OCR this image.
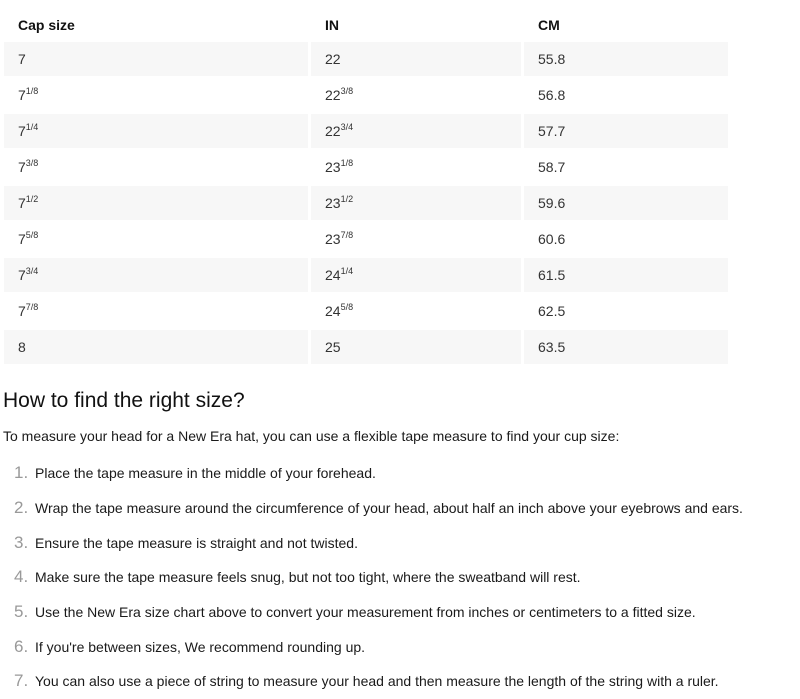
Cap size	IN	CM
7	22	55.8
$7^{1/8}$	$22^{3/8}$	56.8
$7^{1/4}$	$22^{3/4}$	57.7
$7^{3/8}$	$23^{1/8}$	58.7
$7^{1/2}$	$23^{1/2}$	59.6
$7^{5/8}$	$23^{7/8}$	60.6
$7^{3/4}$	$24^{1/4}$	61.5
$7^{7/8}$	$24^{5/8}$	62.5
8	25	63.5
How to find the right size?

To measure your head for a New Era hat, you can use a flexible tape measure to find your cup size:

1. Place the tape measure in the middle of your forehead.
2. Wrap the tape measure around the circumference of your head, about half an inch above your eyebrows and ears.
3. Ensure the tape measure is straight and not twisted.
4. Make sure the tape measure feels snug, but not too tight, where the sweatband will rest.
5. Use the New Era size chart above to convert your measurement from inches or centimeters to a fitted size.
6. If you're between sizes, We recommend rounding up.
7. You can also use a piece of string to measure your head and then measure the length of the string with a ruler.
